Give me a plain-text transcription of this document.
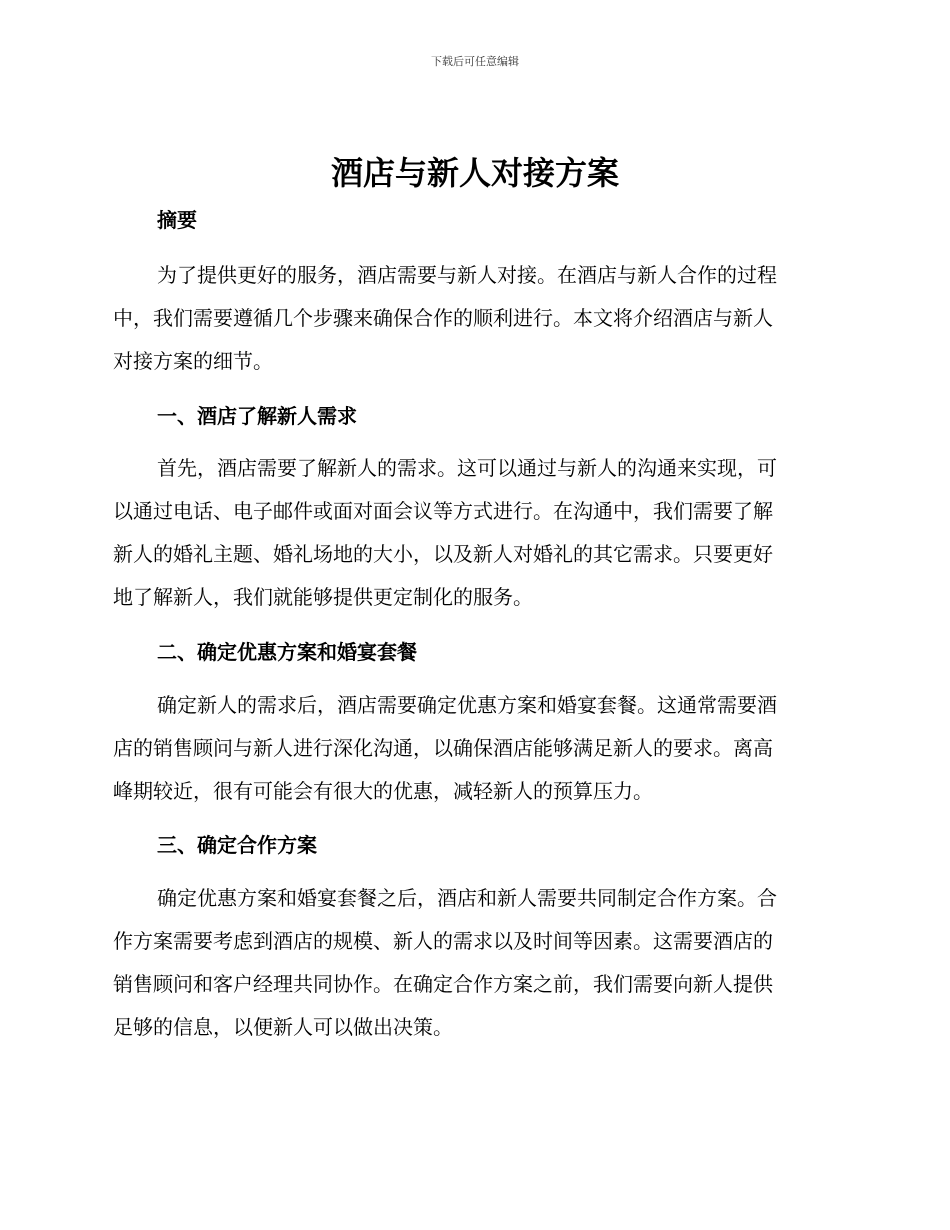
下载后可任意编辑
酒店与新人对接方案
摘要
为了提供更好的服务，酒店需要与新人对接。在酒店与新人合作的过程
中，我们需要遵循几个步骤来确保合作的顺利进行。本文将介绍酒店与新人
对接方案的细节。
一、酒店了解新人需求
首先，酒店需要了解新人的需求。这可以通过与新人的沟通来实现，可
以通过电话、电子邮件或面对面会议等方式进行。在沟通中，我们需要了解
新人的婚礼主题、婚礼场地的大小，以及新人对婚礼的其它需求。只要更好
地了解新人，我们就能够提供更定制化的服务。
二、确定优惠方案和婚宴套餐
确定新人的需求后，酒店需要确定优惠方案和婚宴套餐。这通常需要酒
店的销售顾问与新人进行深化沟通，以确保酒店能够满足新人的要求。离高
峰期较近，很有可能会有很大的优惠，减轻新人的预算压力。
三、确定合作方案
确定优惠方案和婚宴套餐之后，酒店和新人需要共同制定合作方案。合
作方案需要考虑到酒店的规模、新人的需求以及时间等因素。这需要酒店的
销售顾问和客户经理共同协作。在确定合作方案之前，我们需要向新人提供
足够的信息，以便新人可以做出决策。
